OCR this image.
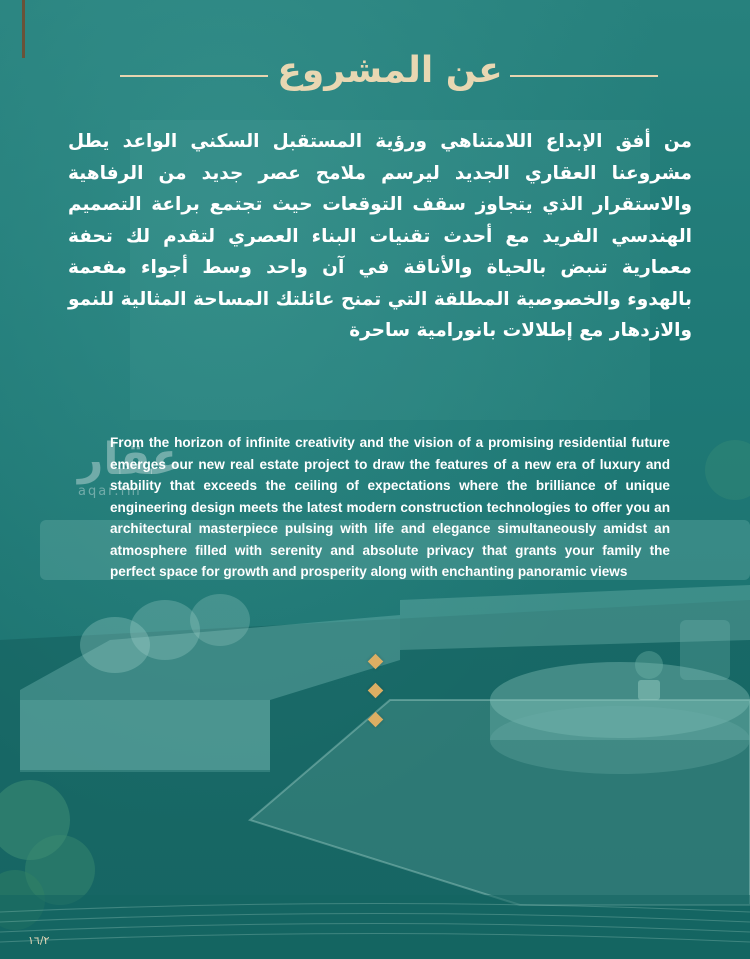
عن المشروع
من أفق الإبداع اللامتناهي ورؤية المستقبل السكني الواعد يطل مشروعنا العقاري الجديد ليرسم ملامح عصر جديد من الرفاهية والاستقرار الذي يتجاوز سقف التوقعات حيث تجتمع براعة التصميم الهندسي الفريد مع أحدث تقنيات البناء العصري لتقدم لك تحفة معمارية تنبض بالحياة والأناقة في آن واحد وسط أجواء مفعمة بالهدوء والخصوصية المطلقة التي تمنح عائلتك المساحة المثالية للنمو والازدهار مع إطلالات بانورامية ساحرة
عقار
aqar.fm
From the horizon of infinite creativity and the vision of a promising residential future emerges our new real estate project to draw the features of a new era of luxury and stability that exceeds the ceiling of expectations where the brilliance of unique engineering design meets the latest modern construction technologies to offer you an architectural masterpiece pulsing with life and elegance simultaneously amidst an atmosphere filled with serenity and absolute privacy that grants your family the perfect space for growth and prosperity along with enchanting panoramic views
١٦/٢
